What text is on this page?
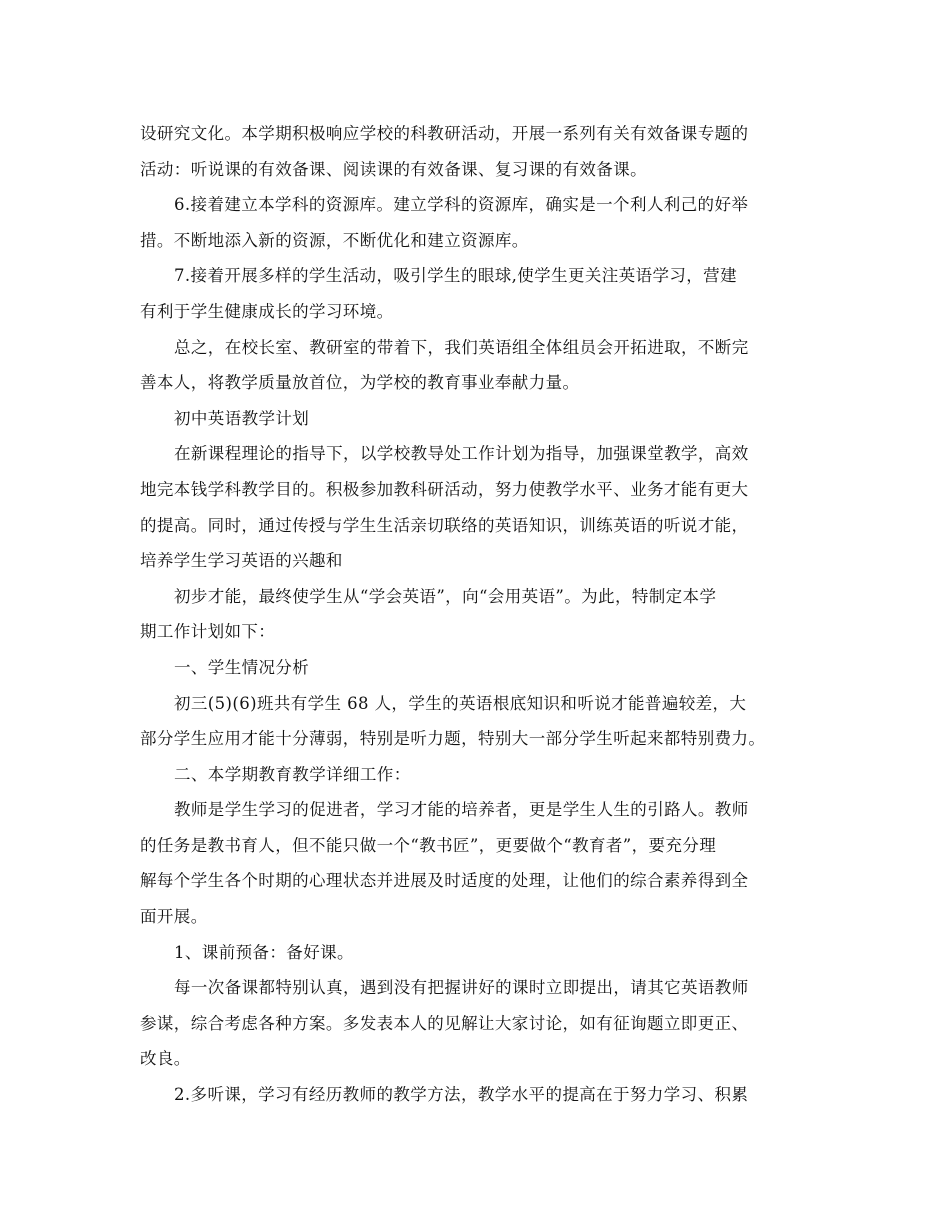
设研究文化。本学期积极响应学校的科教研活动，开展一系列有关有效备课专题的
活动：听说课的有效备课、阅读课的有效备课、复习课的有效备课。
6.接着建立本学科的资源库。建立学科的资源库，确实是一个利人利己的好举
措。不断地添入新的资源，不断优化和建立资源库。
7.接着开展多样的学生活动，吸引学生的眼球,使学生更关注英语学习，营建
有利于学生健康成长的学习环境。
总之，在校长室、教研室的带着下，我们英语组全体组员会开拓进取，不断完
善本人，将教学质量放首位，为学校的教育事业奉献力量。
初中英语教学计划
在新课程理论的指导下，以学校教导处工作计划为指导，加强课堂教学，高效
地完本钱学科教学目的。积极参加教科研活动，努力使教学水平、业务才能有更大
的提高。同时，通过传授与学生生活亲切联络的英语知识，训练英语的听说才能，
培养学生学习英语的兴趣和
初步才能，最终使学生从“学会英语”，向“会用英语”。为此，特制定本学
期工作计划如下：
一、学生情况分析
初三(5)(6)班共有学生 68 人，学生的英语根底知识和听说才能普遍较差，大
部分学生应用才能十分薄弱，特别是听力题，特别大一部分学生听起来都特别费力。
二、本学期教育教学详细工作：
教师是学生学习的促进者，学习才能的培养者，更是学生人生的引路人。教师
的任务是教书育人，但不能只做一个“教书匠”，更要做个“教育者”，要充分理
解每个学生各个时期的心理状态并进展及时适度的处理，让他们的综合素养得到全
面开展。
1、课前预备：备好课。
每一次备课都特别认真，遇到没有把握讲好的课时立即提出，请其它英语教师
参谋，综合考虑各种方案。多发表本人的见解让大家讨论，如有征询题立即更正、
改良。
2.多听课，学习有经历教师的教学方法，教学水平的提高在于努力学习、积累
